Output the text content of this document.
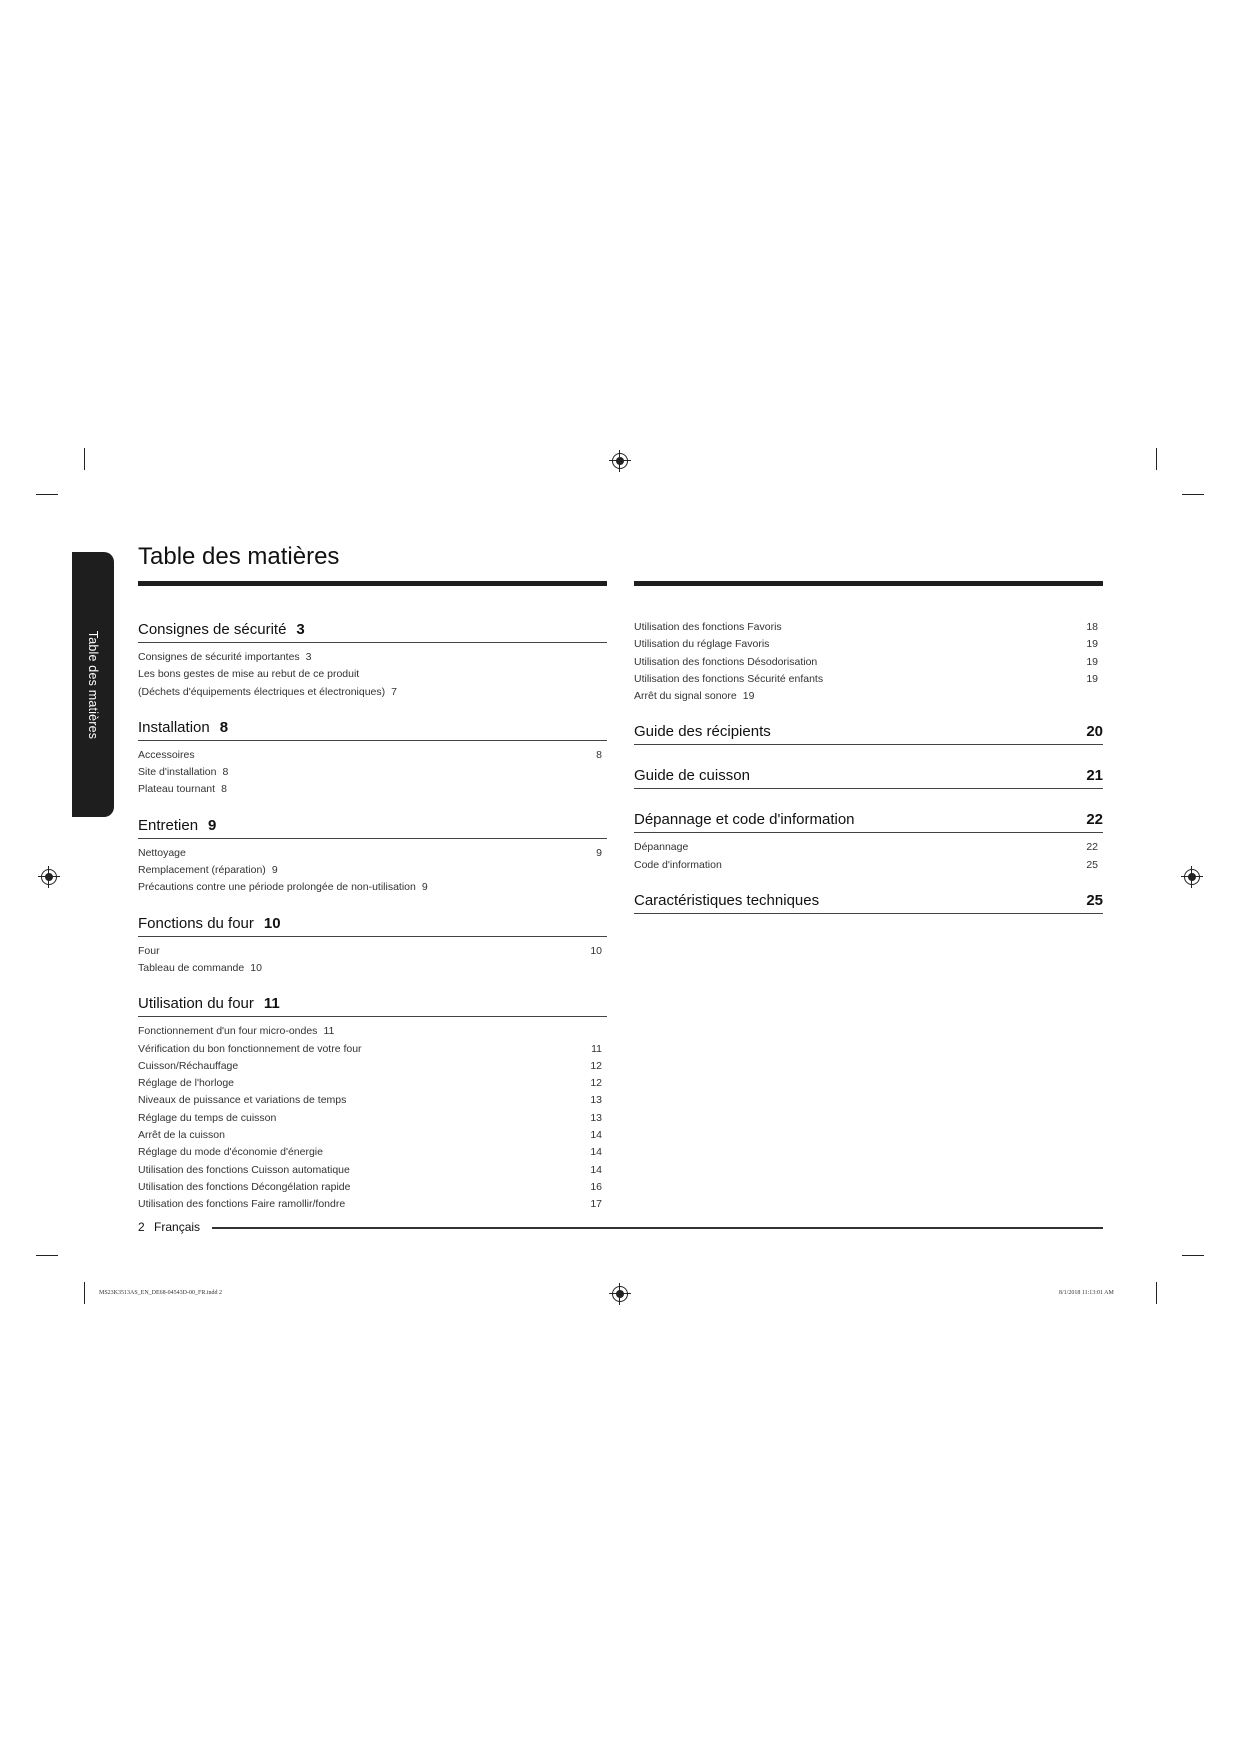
Table des matières
Table des matières
Consignes de sécurité 3
Consignes de sécurité importantes 3
Les bons gestes de mise au rebut de ce produit
(Déchets d'équipements électriques et électroniques) 7
Installation 8
Accessoires	8
Site d'installation 8
Plateau tournant 8
Entretien 9
Nettoyage	9
Remplacement (réparation) 9
Précautions contre une période prolongée de non-utilisation 9
Fonctions du four 10
Four	10
Tableau de commande 10
Utilisation du four 11
Fonctionnement d'un four micro-ondes 11
Vérification du bon fonctionnement de votre four	11
Cuisson/Réchauffage	12
Réglage de l'horloge	12
Niveaux de puissance et variations de temps	13
Réglage du temps de cuisson	13
Arrêt de la cuisson	14
Réglage du mode d'économie d'énergie	14
Utilisation des fonctions Cuisson automatique	14
Utilisation des fonctions Décongélation rapide	16
Utilisation des fonctions Faire ramollir/fondre	17
Utilisation des fonctions Favoris	18
Utilisation du réglage Favoris	19
Utilisation des fonctions Désodorisation	19
Utilisation des fonctions Sécurité enfants	19
Arrêt du signal sonore 19
Guide des récipients	20
Guide de cuisson	21
Dépannage et code d'information	22
Dépannage	22
Code d'information	25
Caractéristiques techniques	25
2 Français
MS23K3513AS_EN_DE68-04543D-00_FR.indd 2	8/1/2018 11:13:01 AM
